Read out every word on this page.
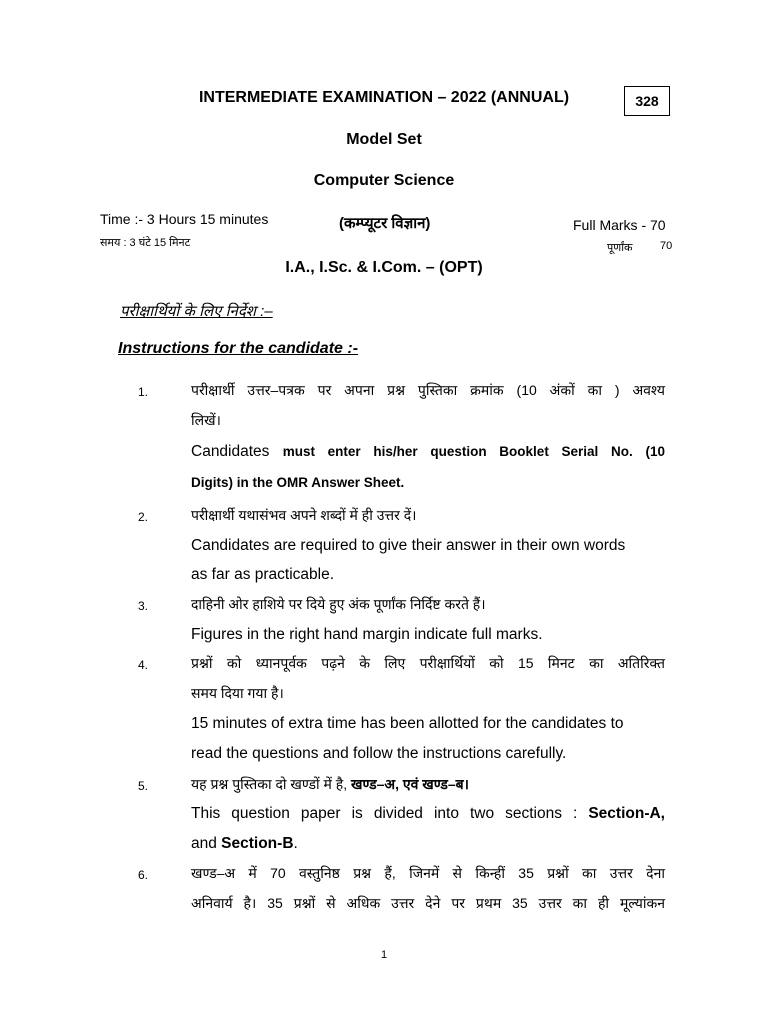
INTERMEDIATE EXAMINATION – 2022 (ANNUAL)	328
Model Set
Computer Science
Time :- 3 Hours 15 minutes
समय : 3 घंटे 15 मिनट
(कम्प्यूटर विज्ञान)	Full Marks - 70
पूर्णांक	70
I.A., I.Sc. & I.Com. – (OPT)
परीक्षार्थियों के लिए निर्देश :–
Instructions for the candidate :-
1.	परीक्षार्थी उत्तर–पत्रक पर अपना प्रश्न पुस्तिका क्रमांक (10 अंकों का ) अवश्य
लिखें।
Candidates must enter his/her question Booklet Serial No. (10
Digits) in the OMR Answer Sheet.
2.	परीक्षार्थी यथासंभव अपने शब्दों में ही उत्तर दें।
Candidates are required to give their answer in their own words
as far as practicable.
3.	दाहिनी ओर हाशिये पर दिये हुए अंक पूर्णांक निर्दिष्ट करते हैं।
Figures in the right hand margin indicate full marks.
4.	प्रश्नों को ध्यानपूर्वक पढ़ने के लिए परीक्षार्थियों को 15 मिनट का अतिरिक्त
समय दिया गया है।
15 minutes of extra time has been allotted for the candidates to
read the questions and follow the instructions carefully.
5.	यह प्रश्न पुस्तिका दो खण्डों में है, खण्ड–अ, एवं खण्ड–ब।
This question paper is divided into two sections : Section-A,
and Section-B.
6.	खण्ड–अ में 70 वस्तुनिष्ठ प्रश्न हैं, जिनमें से किन्हीं 35 प्रश्नों का उत्तर देना
अनिवार्य है। 35 प्रश्नों से अधिक उत्तर देने पर प्रथम 35 उत्तर का ही मूल्यांकन
1
